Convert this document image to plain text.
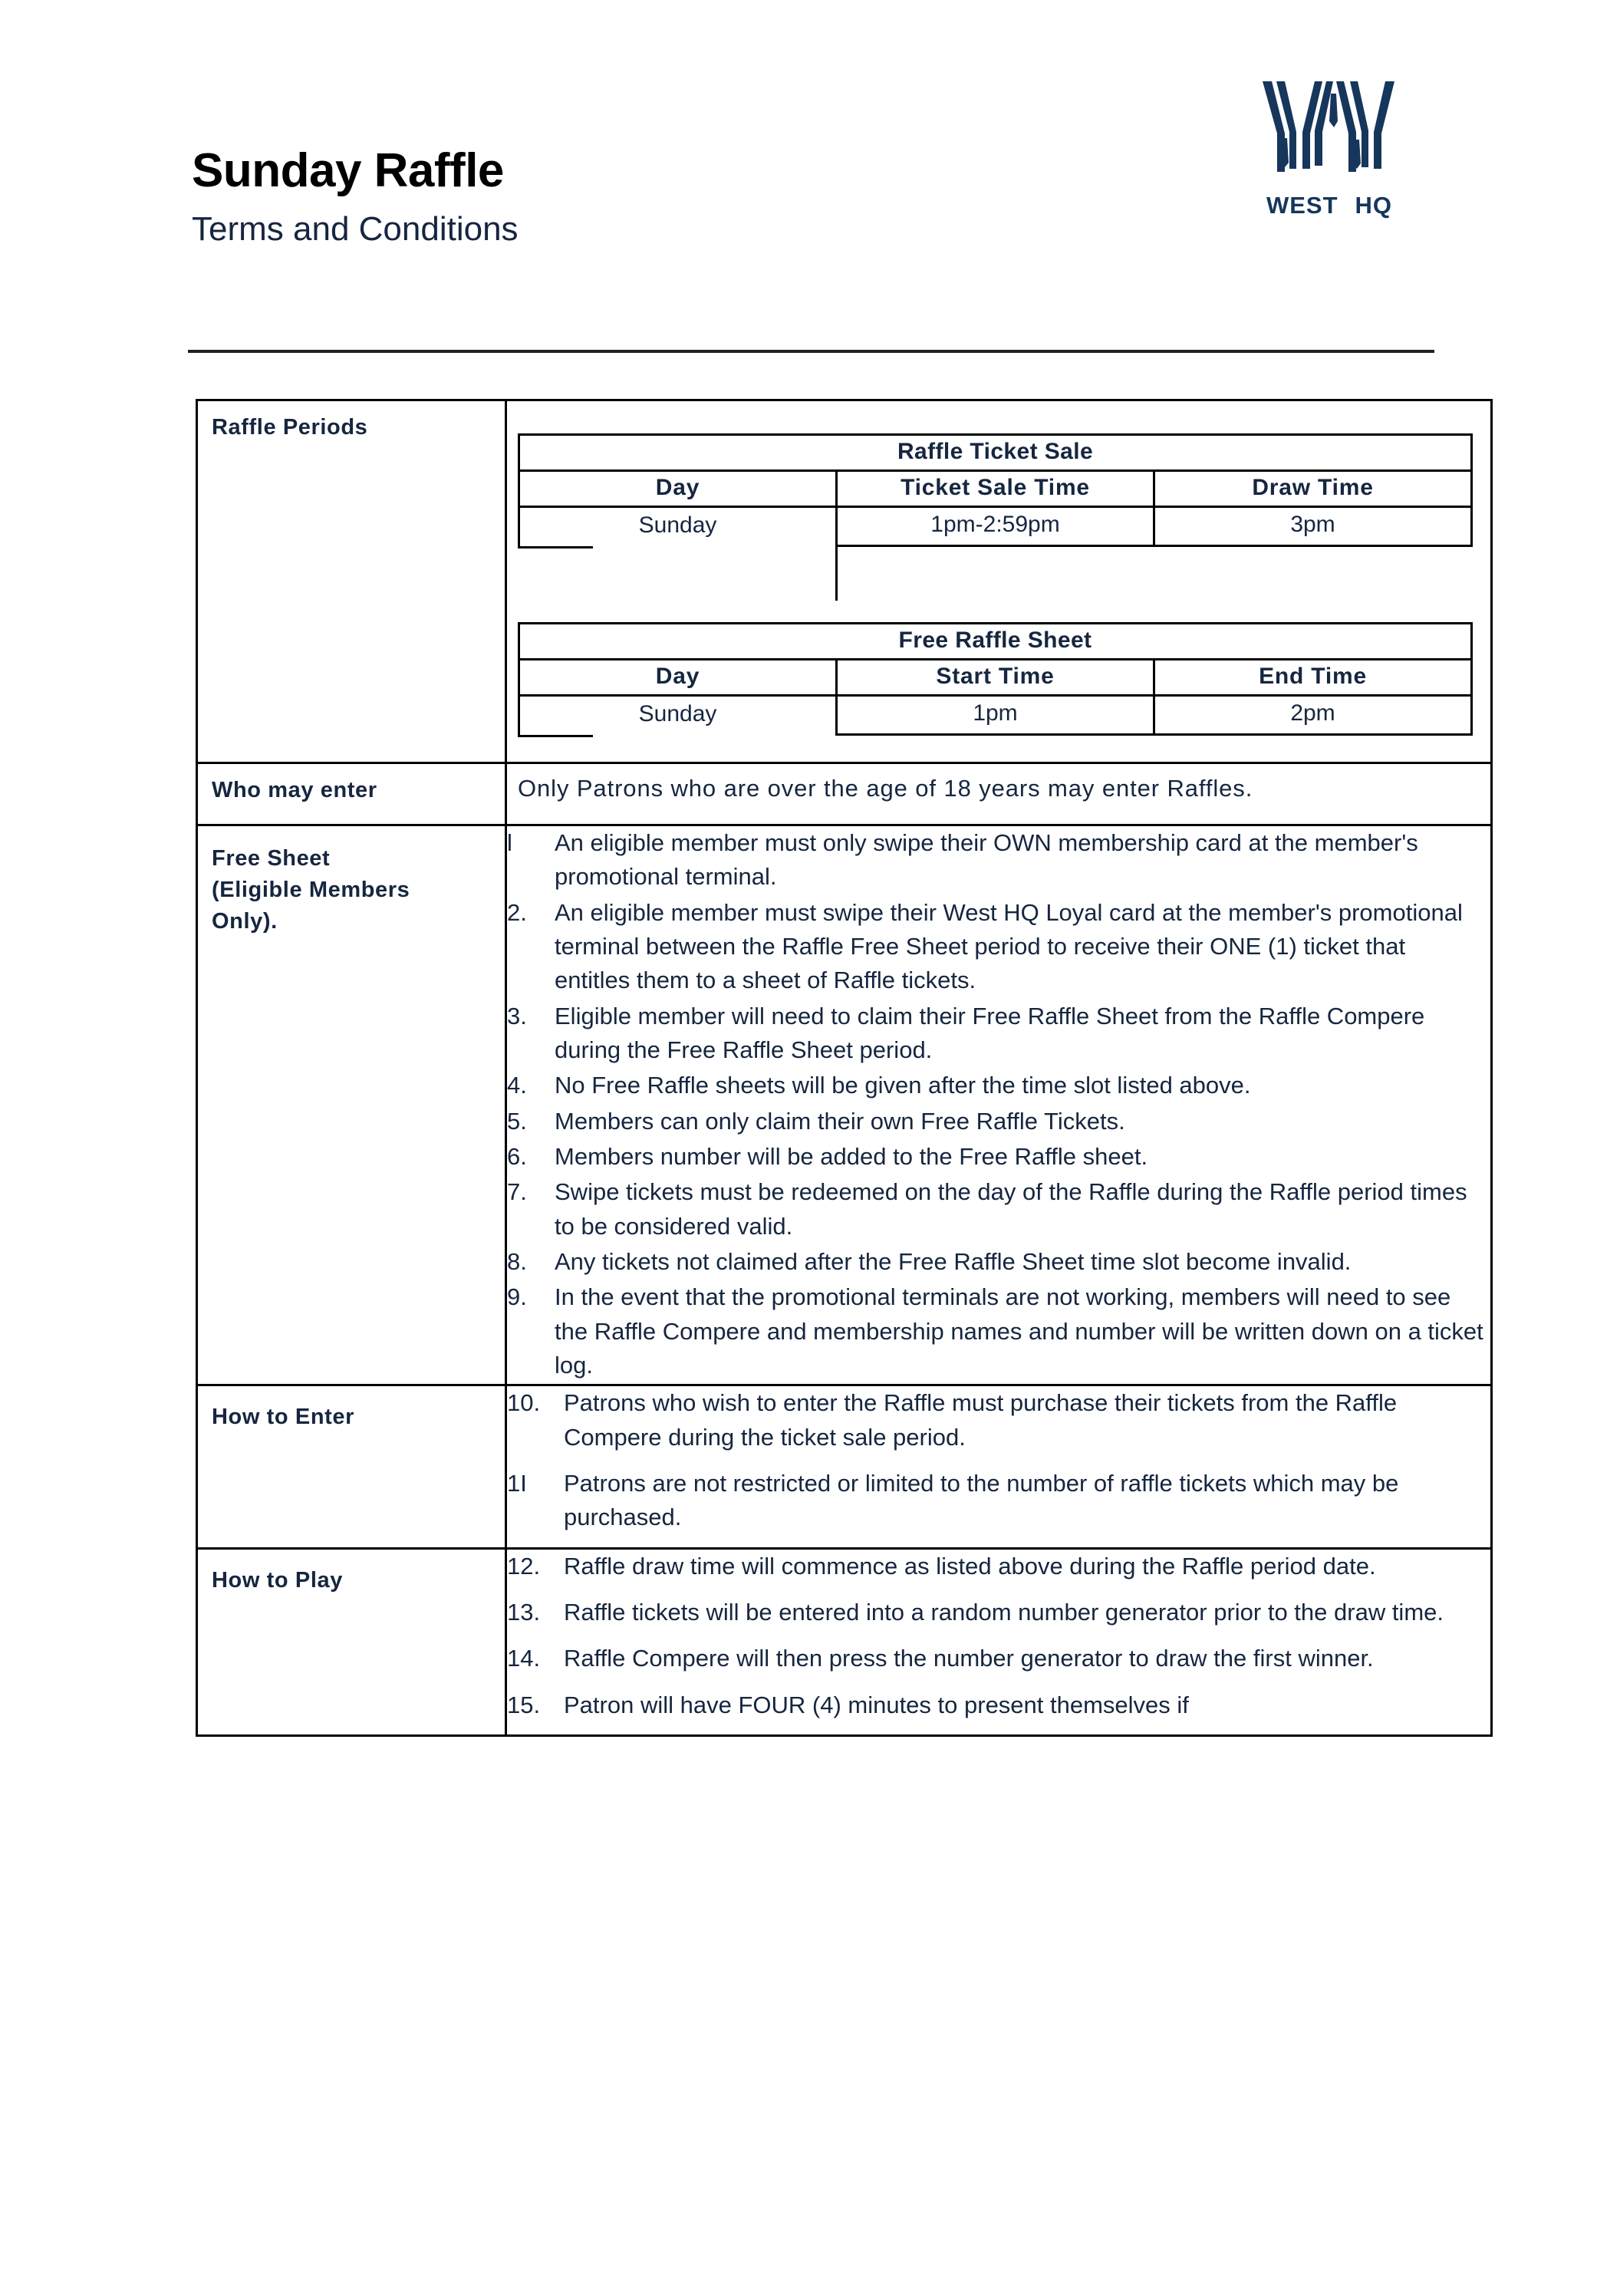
Sunday Raffle
Terms and Conditions
WEST HQ
Raffle Periods

Raffle Ticket Sale
Day	Ticket Sale Time	Draw Time
Sunday	1pm-2:59pm	3pm

Free Raffle Sheet
Day	Start Time	End Time
Sunday	1pm	2pm

Who may enter	Only Patrons who are over the age of 18 years may enter Raffles.

Free Sheet
(Eligible Members
Only).

l	An eligible member must only swipe their OWN membership card at the member's promotional terminal.
2.	An eligible member must swipe their West HQ Loyal card at the member's promotional terminal between the Raffle Free Sheet period to receive their ONE (1) ticket that entitles them to a sheet of Raffle tickets.
3.	Eligible member will need to claim their Free Raffle Sheet from the Raffle Compere during the Free Raffle Sheet period.
4.	No Free Raffle sheets will be given after the time slot listed above.
5.	Members can only claim their own Free Raffle Tickets.
6.	Members number will be added to the Free Raffle sheet.
7.	Swipe tickets must be redeemed on the day of the Raffle during the Raffle period times to be considered valid.
8.	Any tickets not claimed after the Free Raffle Sheet time slot become invalid.
9.	In the event that the promotional terminals are not working, members will need to see the Raffle Compere and membership names and number will be written down on a ticket log.

How to Enter

10. Patrons who wish to enter the Raffle must purchase their tickets from the Raffle Compere during the ticket sale period.
1I	Patrons are not restricted or limited to the number of raffle tickets which may be purchased.

How to Play

12. Raffle draw time will commence as listed above during the Raffle period date.
13. Raffle tickets will be entered into a random number generator prior to the draw time.
14. Raffle Compere will then press the number generator to draw the first winner.
15. Patron will have FOUR (4) minutes to present themselves if
